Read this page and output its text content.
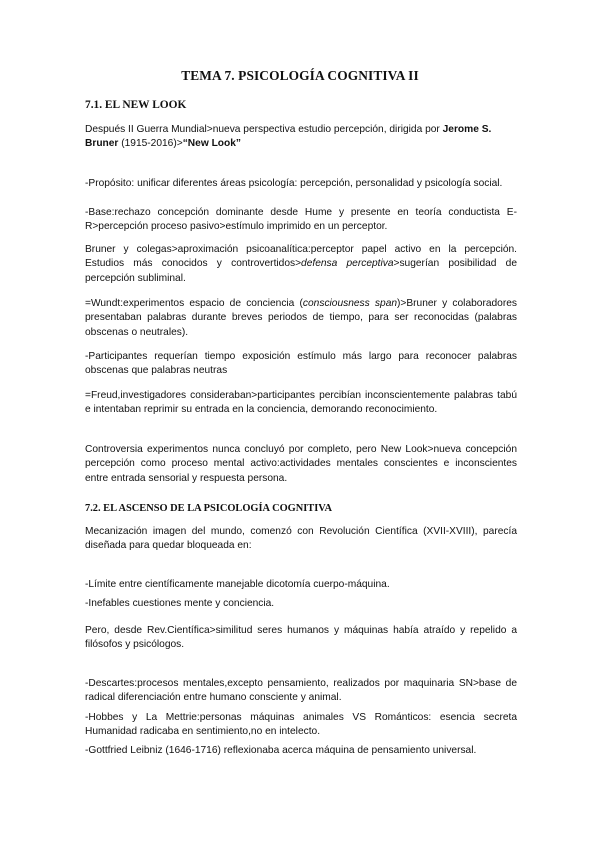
TEMA 7. PSICOLOGÍA COGNITIVA II
7.1. EL NEW LOOK

Después II Guerra Mundial>nueva perspectiva estudio percepción, dirigida por Jerome S. Bruner (1915-2016)>“New Look”

-Propósito: unificar diferentes áreas psicología: percepción, personalidad y psicología social.

-Base:rechazo concepción dominante desde Hume y presente en teoría conductista E-R>percepción proceso pasivo>estímulo imprimido en un perceptor.

Bruner y colegas>aproximación psicoanalítica:perceptor papel activo en la percepción. Estudios más conocidos y controvertidos>defensa perceptiva>sugerían posibilidad de percepción subliminal.

=Wundt:experimentos espacio de conciencia (consciousness span)>Bruner y colaboradores presentaban palabras durante breves periodos de tiempo, para ser reconocidas (palabras obscenas o neutrales).

-Participantes requerían tiempo exposición estímulo más largo para reconocer palabras obscenas que palabras neutras

=Freud,investigadores consideraban>participantes percibían inconscientemente palabras tabú e intentaban reprimir su entrada en la conciencia, demorando reconocimiento.

Controversia experimentos nunca concluyó por completo, pero New Look>nueva concepción percepción como proceso mental activo:actividades mentales conscientes e inconscientes entre entrada sensorial y respuesta persona.

7.2. EL ASCENSO DE LA PSICOLOGÍA COGNITIVA

Mecanización imagen del mundo, comenzó con Revolución Científica (XVII-XVIII), parecía diseñada para quedar bloqueada en:

-Límite entre científicamente manejable dicotomía cuerpo-máquina.

-Inefables cuestiones mente y conciencia.

Pero, desde Rev.Científica>similitud seres humanos y máquinas había atraído y repelido a filósofos y psicólogos.

-Descartes:procesos mentales,excepto pensamiento, realizados por maquinaria SN>base de radical diferenciación entre humano consciente y animal.

-Hobbes y La Mettrie:personas máquinas animales VS Románticos: esencia secreta Humanidad radicaba en sentimiento,no en intelecto.

-Gottfried Leibniz (1646-1716) reflexionaba acerca máquina de pensamiento universal.
